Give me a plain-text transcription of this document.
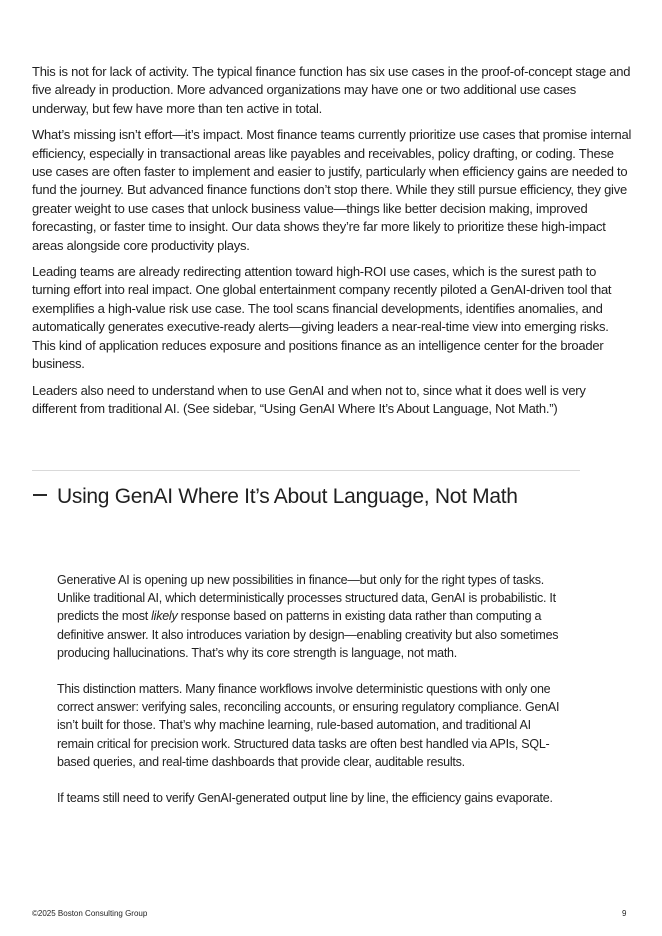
This is not for lack of activity. The typical finance function has six use cases in the proof-of-concept stage and five already in production. More advanced organizations may have one or two additional use cases underway, but few have more than ten active in total.

What’s missing isn’t effort—it’s impact. Most finance teams currently prioritize use cases that promise internal efficiency, especially in transactional areas like payables and receivables, policy drafting, or coding. These use cases are often faster to implement and easier to justify, particularly when efficiency gains are needed to fund the journey. But advanced finance functions don’t stop there. While they still pursue efficiency, they give greater weight to use cases that unlock business value—things like better decision making, improved forecasting, or faster time to insight. Our data shows they’re far more likely to prioritize these high-impact areas alongside core productivity plays.

Leading teams are already redirecting attention toward high-ROI use cases, which is the surest path to turning effort into real impact. One global entertainment company recently piloted a GenAI-driven tool that exemplifies a high-value risk use case. The tool scans financial developments, identifies anomalies, and automatically generates executive-ready alerts—giving leaders a near-real-time view into emerging risks. This kind of application reduces exposure and positions finance as an intelligence center for the broader business.

Leaders also need to understand when to use GenAI and when not to, since what it does well is very different from traditional AI. (See sidebar, “Using GenAI Where It’s About Language, Not Math.”)

Using GenAI Where It’s About Language, Not Math

Generative AI is opening up new possibilities in finance—but only for the right types of tasks. Unlike traditional AI, which deterministically processes structured data, GenAI is probabilistic. It predicts the most likely response based on patterns in existing data rather than computing a definitive answer. It also introduces variation by design—enabling creativity but also sometimes producing hallucinations. That’s why its core strength is language, not math.

This distinction matters. Many finance workflows involve deterministic questions with only one correct answer: verifying sales, reconciling accounts, or ensuring regulatory compliance. GenAI isn’t built for those. That’s why machine learning, rule-based automation, and traditional AI remain critical for precision work. Structured data tasks are often best handled via APIs, SQL-based queries, and real-time dashboards that provide clear, auditable results.

If teams still need to verify GenAI-generated output line by line, the efficiency gains evaporate.

©2025 Boston Consulting Group	9
